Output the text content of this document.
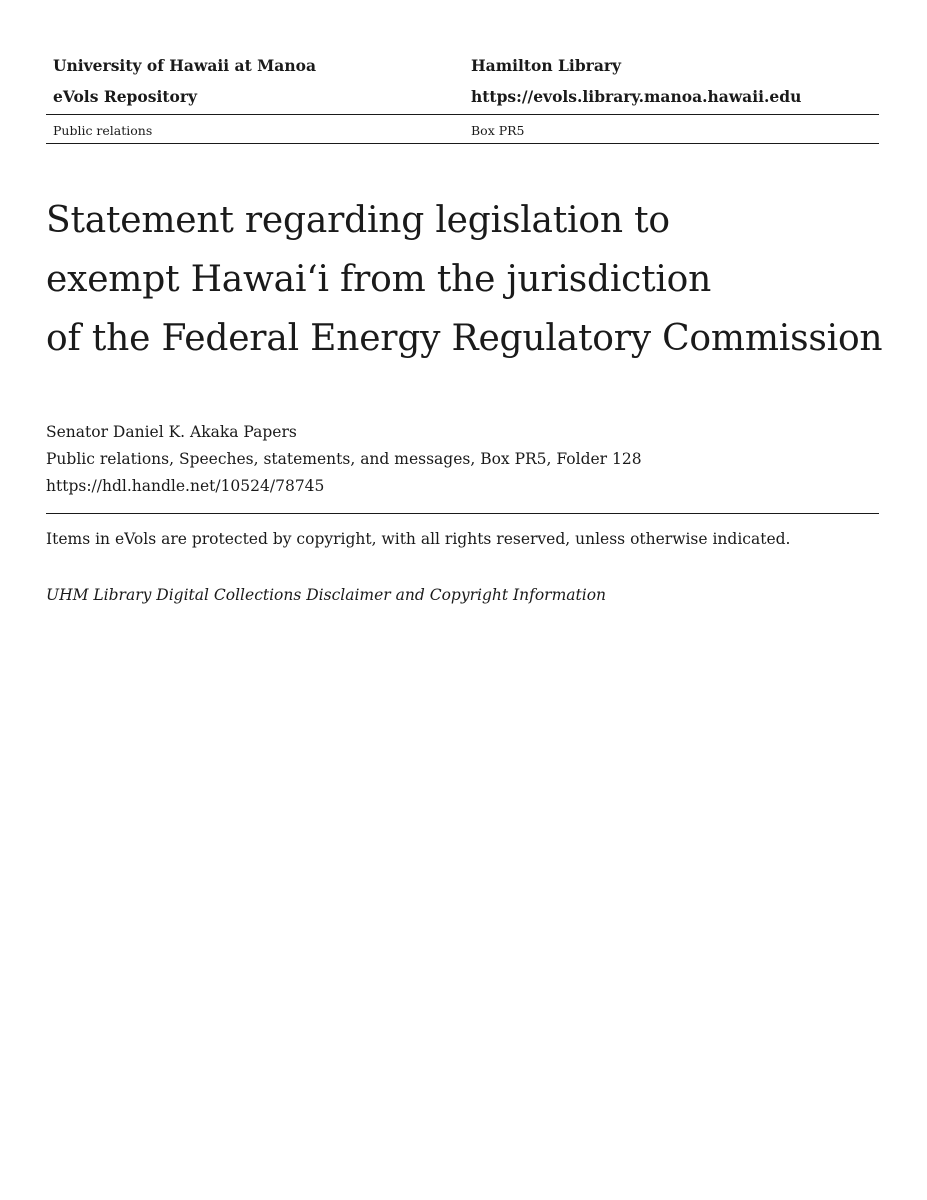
University of Hawaii at Manoa	Hamilton Library
eVols Repository	https://evols.library.manoa.hawaii.edu
Public relations	Box PR5
Statement regarding legislation to
exempt Hawai‘i from the jurisdiction
of the Federal Energy Regulatory Commission
Senator Daniel K. Akaka Papers
Public relations, Speeches, statements, and messages, Box PR5, Folder 128
https://hdl.handle.net/10524/78745
Items in eVols are protected by copyright, with all rights reserved, unless otherwise indicated.
UHM Library Digital Collections Disclaimer and Copyright Information
